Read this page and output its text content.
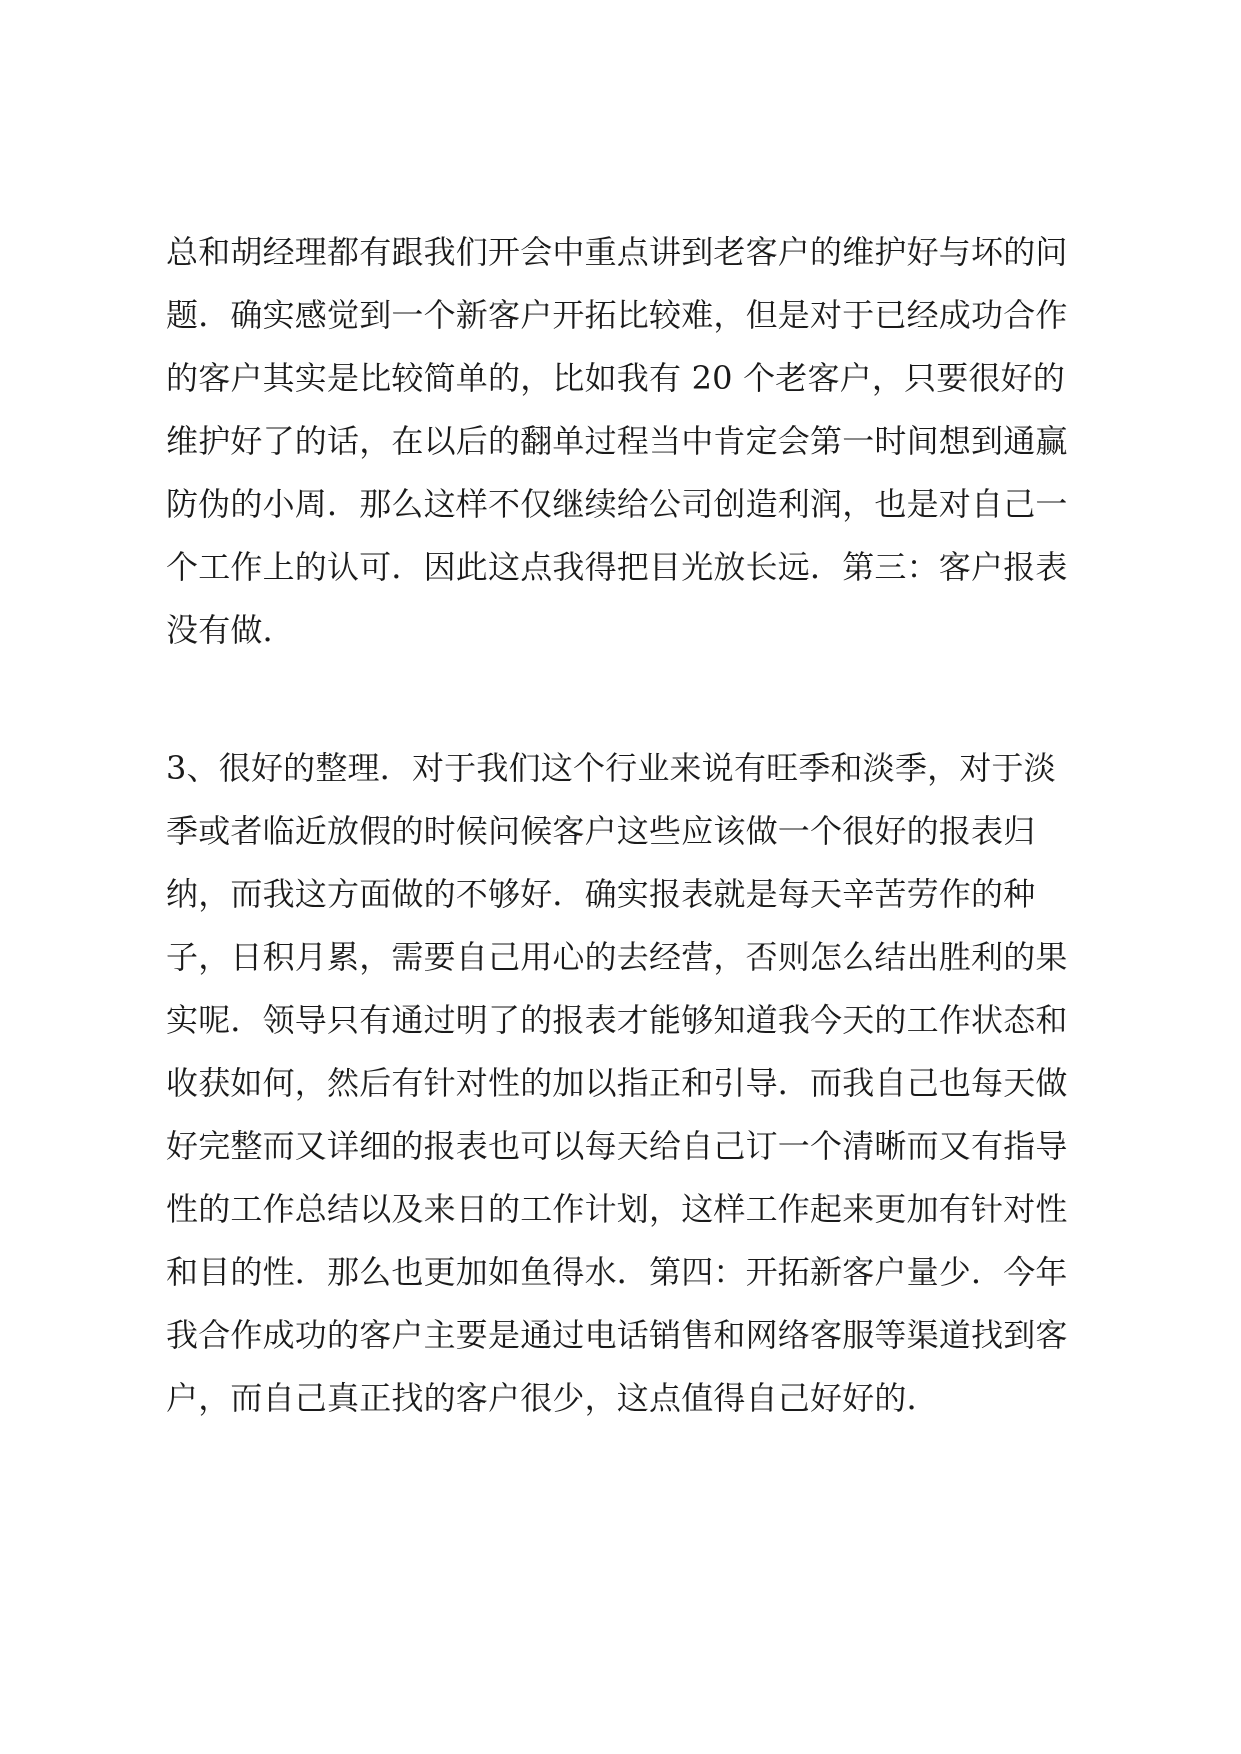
总和胡经理都有跟我们开会中重点讲到老客户的维护好与坏的问
题．确实感觉到一个新客户开拓比较难，但是对于已经成功合作
的客户其实是比较简单的，比如我有 20 个老客户，只要很好的
维护好了的话，在以后的翻单过程当中肯定会第一时间想到通赢
防伪的小周．那么这样不仅继续给公司创造利润，也是对自己一
个工作上的认可．因此这点我得把目光放长远．第三：客户报表
没有做．
3、很好的整理．对于我们这个行业来说有旺季和淡季，对于淡
季或者临近放假的时候问候客户这些应该做一个很好的报表归
纳，而我这方面做的不够好．确实报表就是每天辛苦劳作的种
子，日积月累，需要自己用心的去经营，否则怎么结出胜利的果
实呢．领导只有通过明了的报表才能够知道我今天的工作状态和
收获如何，然后有针对性的加以指正和引导．而我自己也每天做
好完整而又详细的报表也可以每天给自己订一个清晰而又有指导
性的工作总结以及来日的工作计划，这样工作起来更加有针对性
和目的性．那么也更加如鱼得水．第四：开拓新客户量少．今年
我合作成功的客户主要是通过电话销售和网络客服等渠道找到客
户，而自己真正找的客户很少，这点值得自己好好的．
